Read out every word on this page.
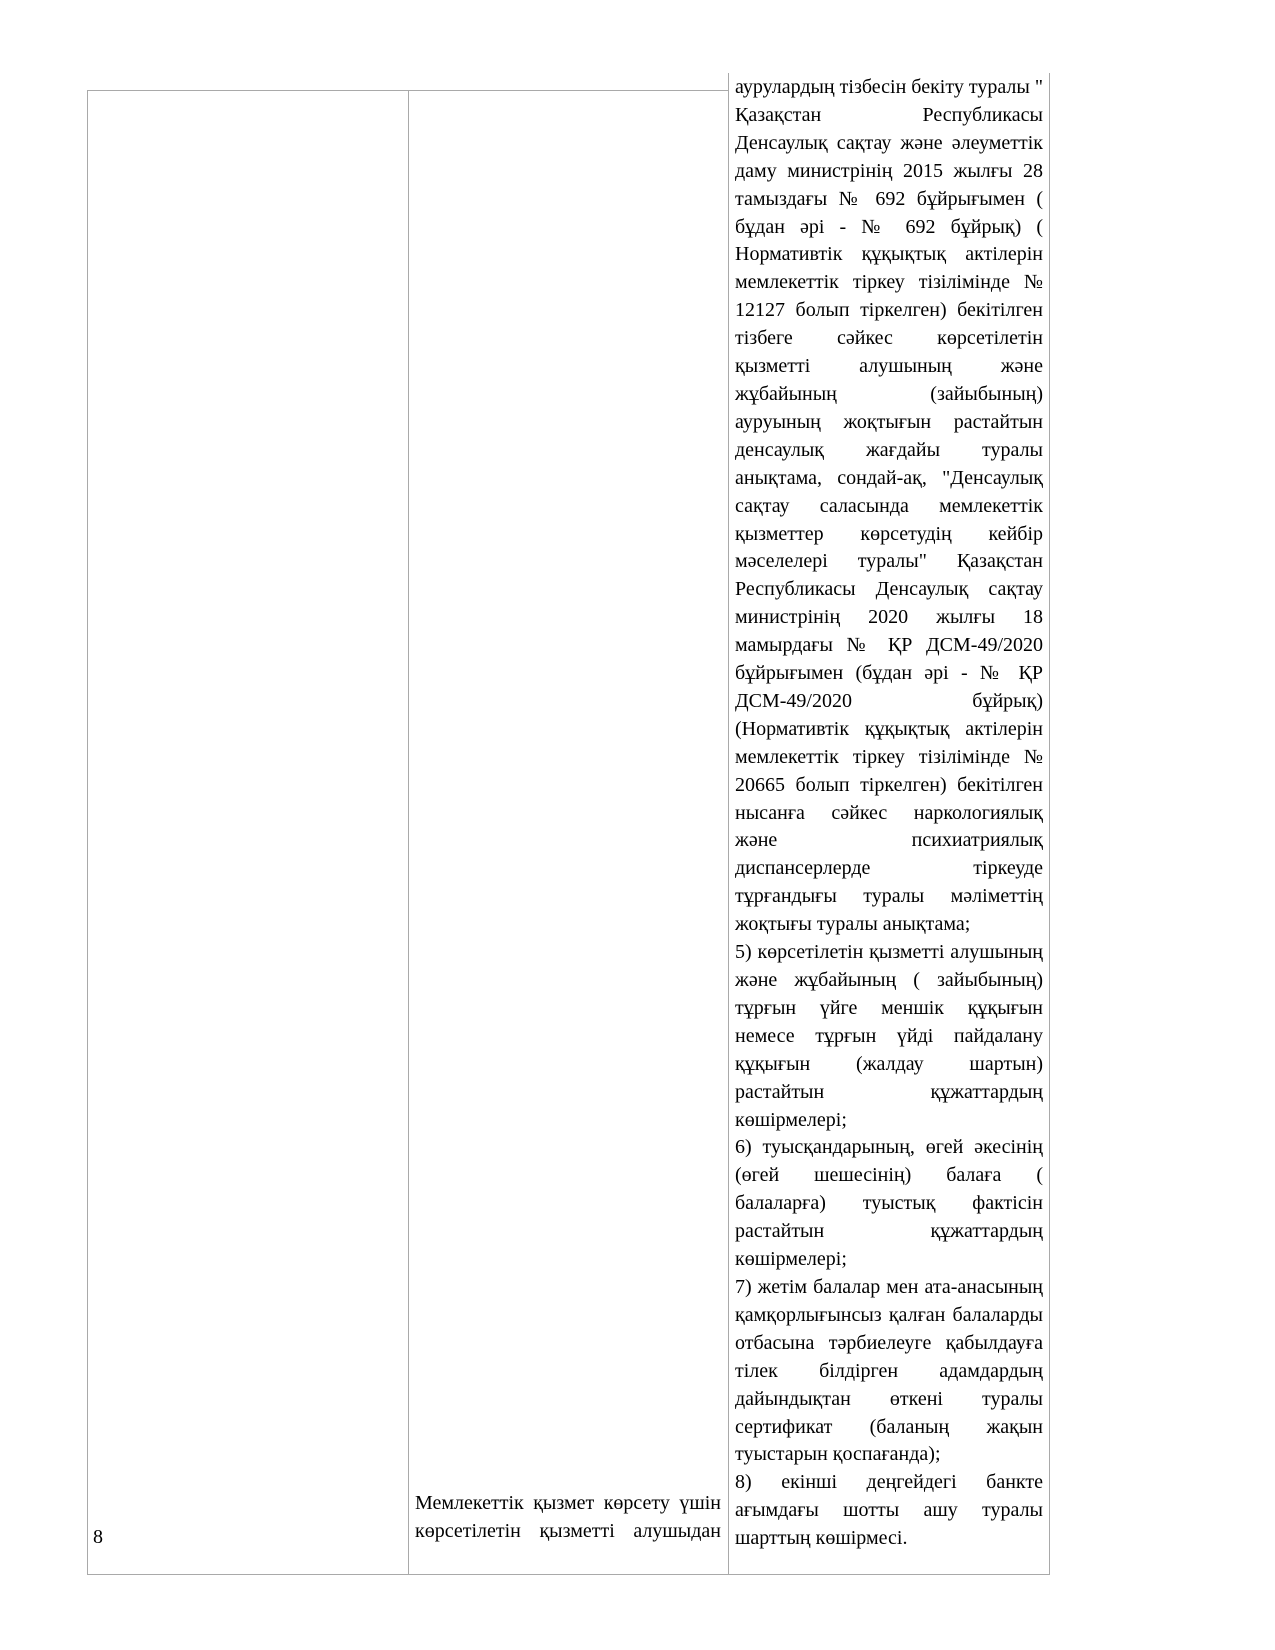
8
Мемлекеттік қызмет көрсету үшін көрсетілетін қызметті алушыдан

аурулардың тізбесін бекіту туралы " Қазақстан Республикасы Денсаулық сақтау және әлеуметтік даму министрінің 2015 жылғы 28 тамыздағы № 692 бұйрығымен ( бұдан әрі - № 692 бұйрық) ( Нормативтік құқықтық актілерін мемлекеттік тіркеу тізілімінде № 12127 болып тіркелген) бекітілген тізбеге сәйкес көрсетілетін қызметті алушының және жұбайының (зайыбының) ауруының жоқтығын растайтын денсаулық жағдайы туралы анықтама, сондай-ақ, "Денсаулық сақтау саласында мемлекеттік қызметтер көрсетудің кейбір мәселелері туралы" Қазақстан Республикасы Денсаулық сақтау министрінің 2020 жылғы 18 мамырдағы № ҚР ДСМ-49/2020 бұйрығымен (бұдан әрі - № ҚР ДСМ-49/2020 бұйрық) (Нормативтік құқықтық актілерін мемлекеттік тіркеу тізілімінде № 20665 болып тіркелген) бекітілген нысанға сәйкес наркологиялық және психиатриялық диспансерлерде тіркеуде тұрғандығы туралы мәліметтің жоқтығы туралы анықтама;

5) көрсетілетін қызметті алушының және жұбайының ( зайыбының) тұрғын үйге меншік құқығын немесе тұрғын үйді пайдалану құқығын (жалдау шартын) растайтын құжаттардың көшірмелері;

6) туысқандарының, өгей әкесінің (өгей шешесінің) балаға ( балаларға) туыстық фактісін растайтын құжаттардың көшірмелері;

7) жетім балалар мен ата-анасының қамқорлығынсыз қалған балаларды отбасына тәрбиелеуге қабылдауға тілек білдірген адамдардың дайындықтан өткені туралы сертификат (баланың жақын туыстарын қоспағанда);

8) екінші деңгейдегі банкте ағымдағы шотты ашу туралы шарттың көшірмесі.
